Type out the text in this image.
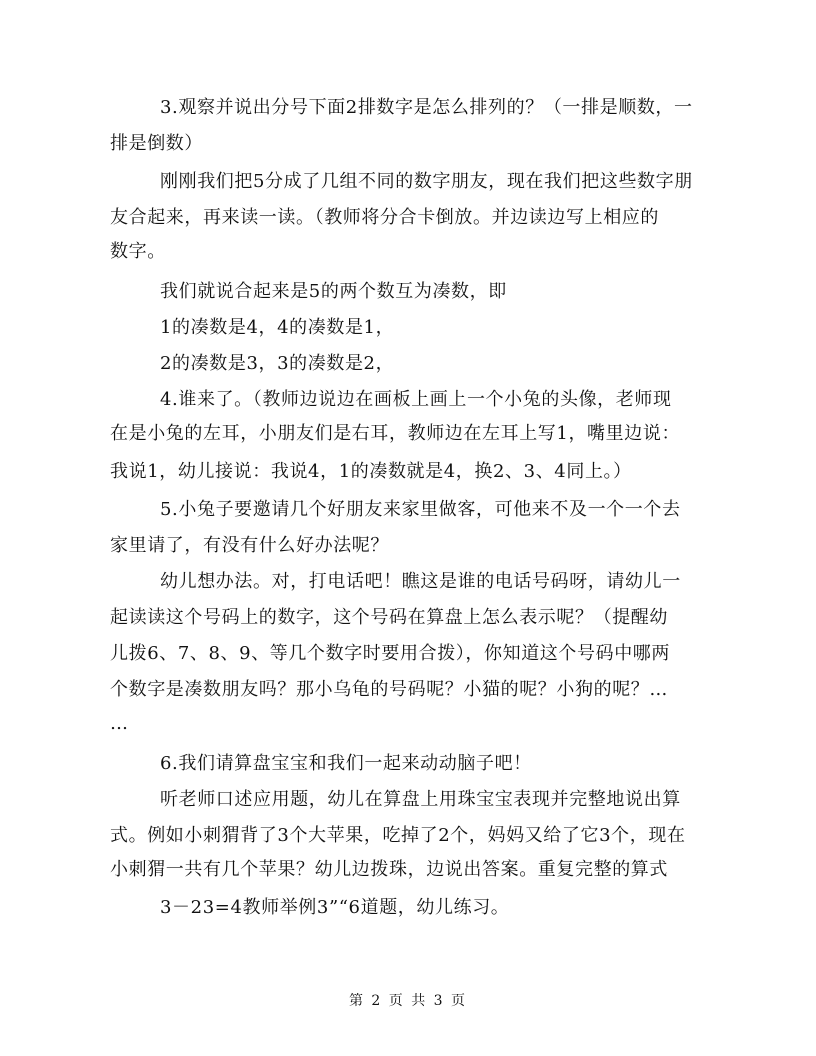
3.观察并说出分号下面2排数字是怎么排列的？（一排是顺数，一
排是倒数）
刚刚我们把5分成了几组不同的数字朋友，现在我们把这些数字朋
友合起来，再来读一读。（教师将分合卡倒放。并边读边写上相应的
数字。
我们就说合起来是5的两个数互为凑数，即
1的凑数是4，4的凑数是1，
2的凑数是3，3的凑数是2，
4.谁来了。（教师边说边在画板上画上一个小兔的头像，老师现
在是小兔的左耳，小朋友们是右耳，教师边在左耳上写1，嘴里边说：
我说1，幼儿接说：我说4，1的凑数就是4，换2、3、4同上。）
5.小兔子要邀请几个好朋友来家里做客，可他来不及一个一个去
家里请了，有没有什么好办法呢？
幼儿想办法。对，打电话吧！瞧这是谁的电话号码呀，请幼儿一
起读读这个号码上的数字，这个号码在算盘上怎么表示呢？（提醒幼
儿拨6、7、8、9、等几个数字时要用合拨），你知道这个号码中哪两
个数字是凑数朋友吗？那小乌龟的号码呢？小猫的呢？小狗的呢？…
…
6.我们请算盘宝宝和我们一起来动动脑子吧！
听老师口述应用题，幼儿在算盘上用珠宝宝表现并完整地说出算
式。例如小刺猬背了3个大苹果，吃掉了2个，妈妈又给了它3个，现在
小刺猬一共有几个苹果？幼儿边拨珠，边说出答案。重复完整的算式
3－23=4教师举例3”“6道题，幼儿练习。
第 2 页 共 3 页
